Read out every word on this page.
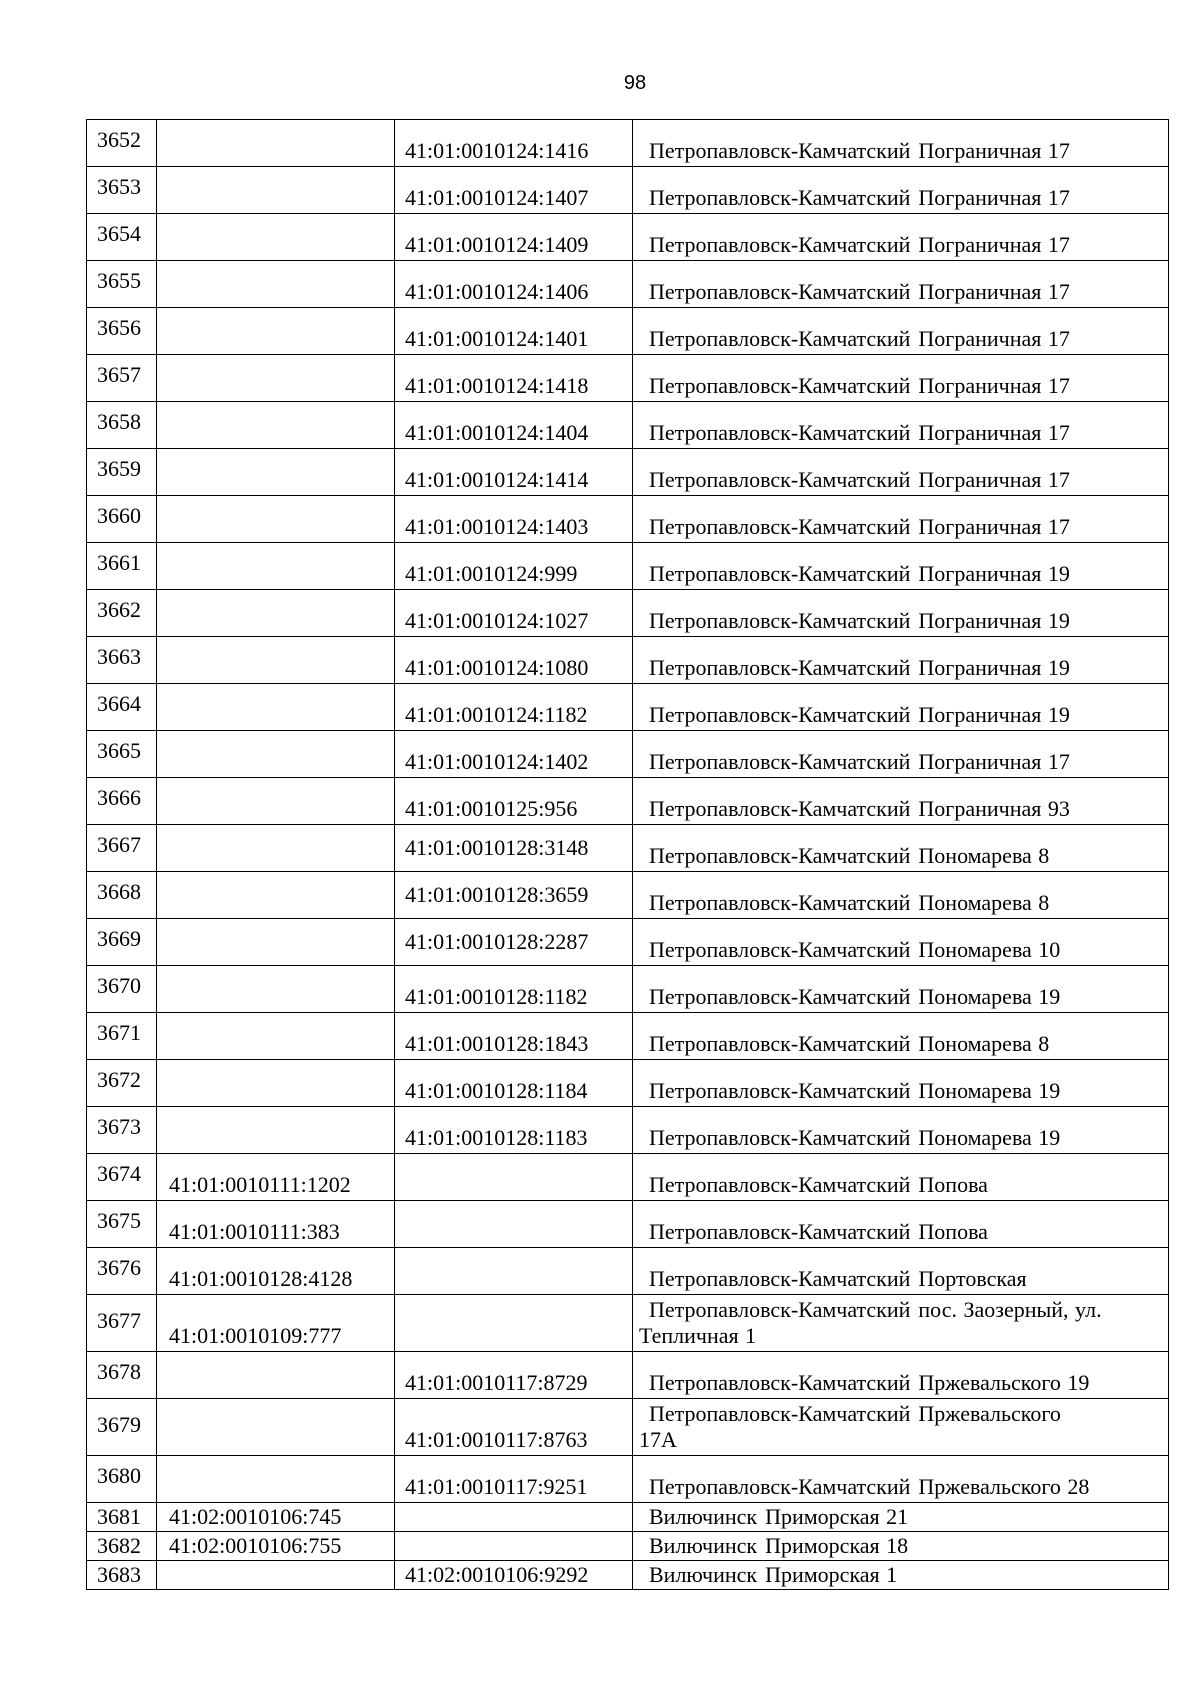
98
3652		41:01:0010124:1416	Петропавловск-Камчатский Пограничная 17

3653		41:01:0010124:1407	Петропавловск-Камчатский Пограничная 17

3654		41:01:0010124:1409	Петропавловск-Камчатский Пограничная 17

3655		41:01:0010124:1406	Петропавловск-Камчатский Пограничная 17

3656		41:01:0010124:1401	Петропавловск-Камчатский Пограничная 17

3657		41:01:0010124:1418	Петропавловск-Камчатский Пограничная 17

3658		41:01:0010124:1404	Петропавловск-Камчатский Пограничная 17

3659		41:01:0010124:1414	Петропавловск-Камчатский Пограничная 17

3660		41:01:0010124:1403	Петропавловск-Камчатский Пограничная 17

3661		41:01:0010124:999	Петропавловск-Камчатский Пограничная 19

3662		41:01:0010124:1027	Петропавловск-Камчатский Пограничная 19

3663		41:01:0010124:1080	Петропавловск-Камчатский Пограничная 19

3664		41:01:0010124:1182	Петропавловск-Камчатский Пограничная 19

3665		41:01:0010124:1402	Петропавловск-Камчатский Пограничная 17

3666		41:01:0010125:956	Петропавловск-Камчатский Пограничная 93

3667		41:01:0010128:3148	Петропавловск-Камчатский Пономарева 8

3668		41:01:0010128:3659	Петропавловск-Камчатский Пономарева 8

3669		41:01:0010128:2287	Петропавловск-Камчатский Пономарева 10

3670		41:01:0010128:1182	Петропавловск-Камчатский Пономарева 19

3671		41:01:0010128:1843	Петропавловск-Камчатский Пономарева 8

3672		41:01:0010128:1184	Петропавловск-Камчатский Пономарева 19

3673		41:01:0010128:1183	Петропавловск-Камчатский Пономарева 19

3674	41:01:0010111:1202		Петропавловск-Камчатский Попова

3675	41:01:0010111:383		Петропавловск-Камчатский Попова

3676	41:01:0010128:4128		Петропавловск-Камчатский Портовская

3677	41:01:0010109:777		Петропавловск-Камчатский пос. Заозерный, ул.
Тепличная 1

3678		41:01:0010117:8729	Петропавловск-Камчатский Пржевальского 19

3679		41:01:0010117:8763	Петропавловск-Камчатский Пржевальского
17А

3680		41:01:0010117:9251	Петропавловск-Камчатский Пржевальского 28

3681	41:02:0010106:745		Вилючинск Приморская 21

3682	41:02:0010106:755		Вилючинск Приморская 18

3683		41:02:0010106:9292	Вилючинск Приморская 1
